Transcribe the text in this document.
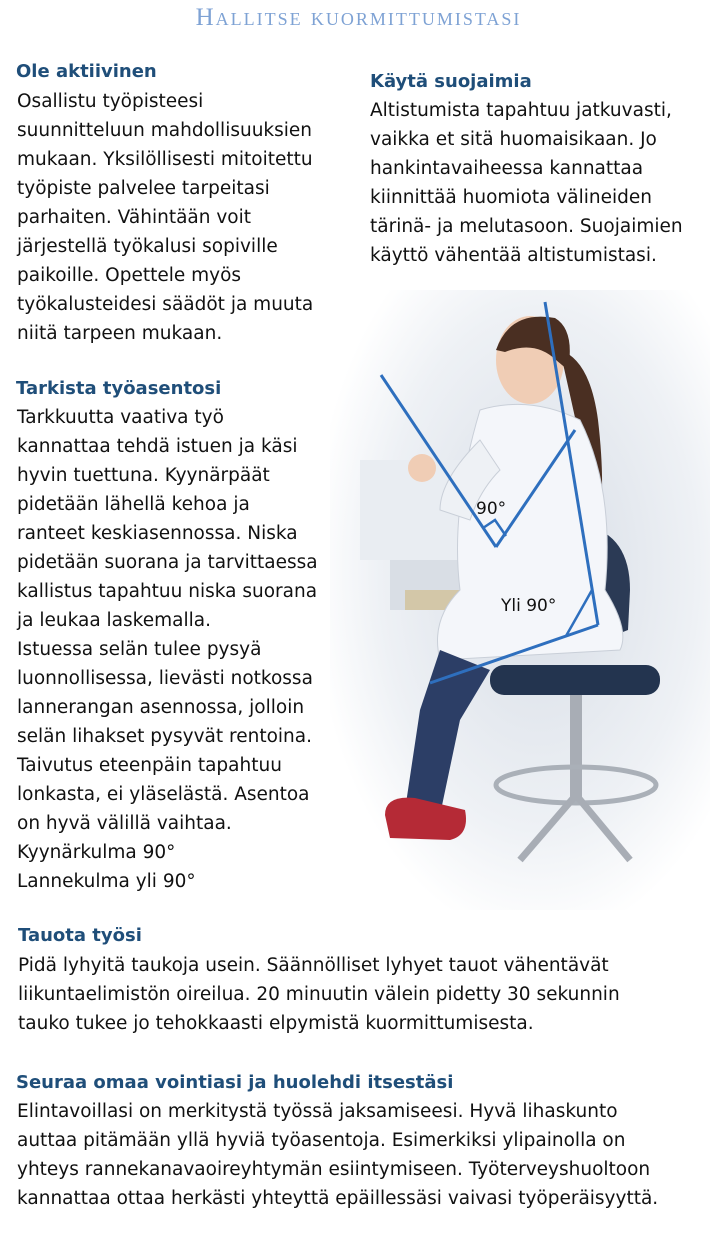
Hallitse kuormittumistasi
Ole aktiivinen
Osallistu työpisteesi
suunnitteluun mahdollisuuksien
mukaan. Yksilöllisesti mitoitettu
työpiste palvelee tarpeitasi
parhaiten. Vähintään voit
järjestellä työkalusi sopiville
paikoille. Opettele myös
työkalusteidesi säädöt ja muuta
niitä tarpeen mukaan.
Käytä suojaimia
Altistumista tapahtuu jatkuvasti,
vaikka et sitä huomaisikaan. Jo
hankintavaiheessa kannattaa
kiinnittää huomiota välineiden
tärinä- ja melutasoon. Suojaimien
käyttö vähentää altistumistasi.
90°
Yli 90°
Tarkista työasentosi
Tarkkuutta vaativa työ
kannattaa tehdä istuen ja käsi
hyvin tuettuna. Kyynärpäät
pidetään lähellä kehoa ja
ranteet keskiasennossa. Niska
pidetään suorana ja tarvittaessa
kallistus tapahtuu niska suorana
ja leukaa laskemalla.
Istuessa selän tulee pysyä
luonnollisessa, lievästi notkossa
lannerangan asennossa, jolloin
selän lihakset pysyvät rentoina.
Taivutus eteenpäin tapahtuu
lonkasta, ei yläselästä. Asentoa
on hyvä välillä vaihtaa.
Kyynärkulma 90°
Lannekulma yli 90°
Tauota työsi
Pidä lyhyitä taukoja usein. Säännölliset lyhyet tauot vähentävät
liikuntaelimistön oireilua. 20 minuutin välein pidetty 30 sekunnin
tauko tukee jo tehokkaasti elpymistä kuormittumisesta.
Seuraa omaa vointiasi ja huolehdi itsestäsi
Elintavoillasi on merkitystä työssä jaksamiseesi. Hyvä lihaskunto
auttaa pitämään yllä hyviä työasentoja. Esimerkiksi ylipainolla on
yhteys rannekanavaoireyhtymän esiintymiseen. Työterveyshuoltoon
kannattaa ottaa herkästi yhteyttä epäillessäsi vaivasi työperäisyyttä.
